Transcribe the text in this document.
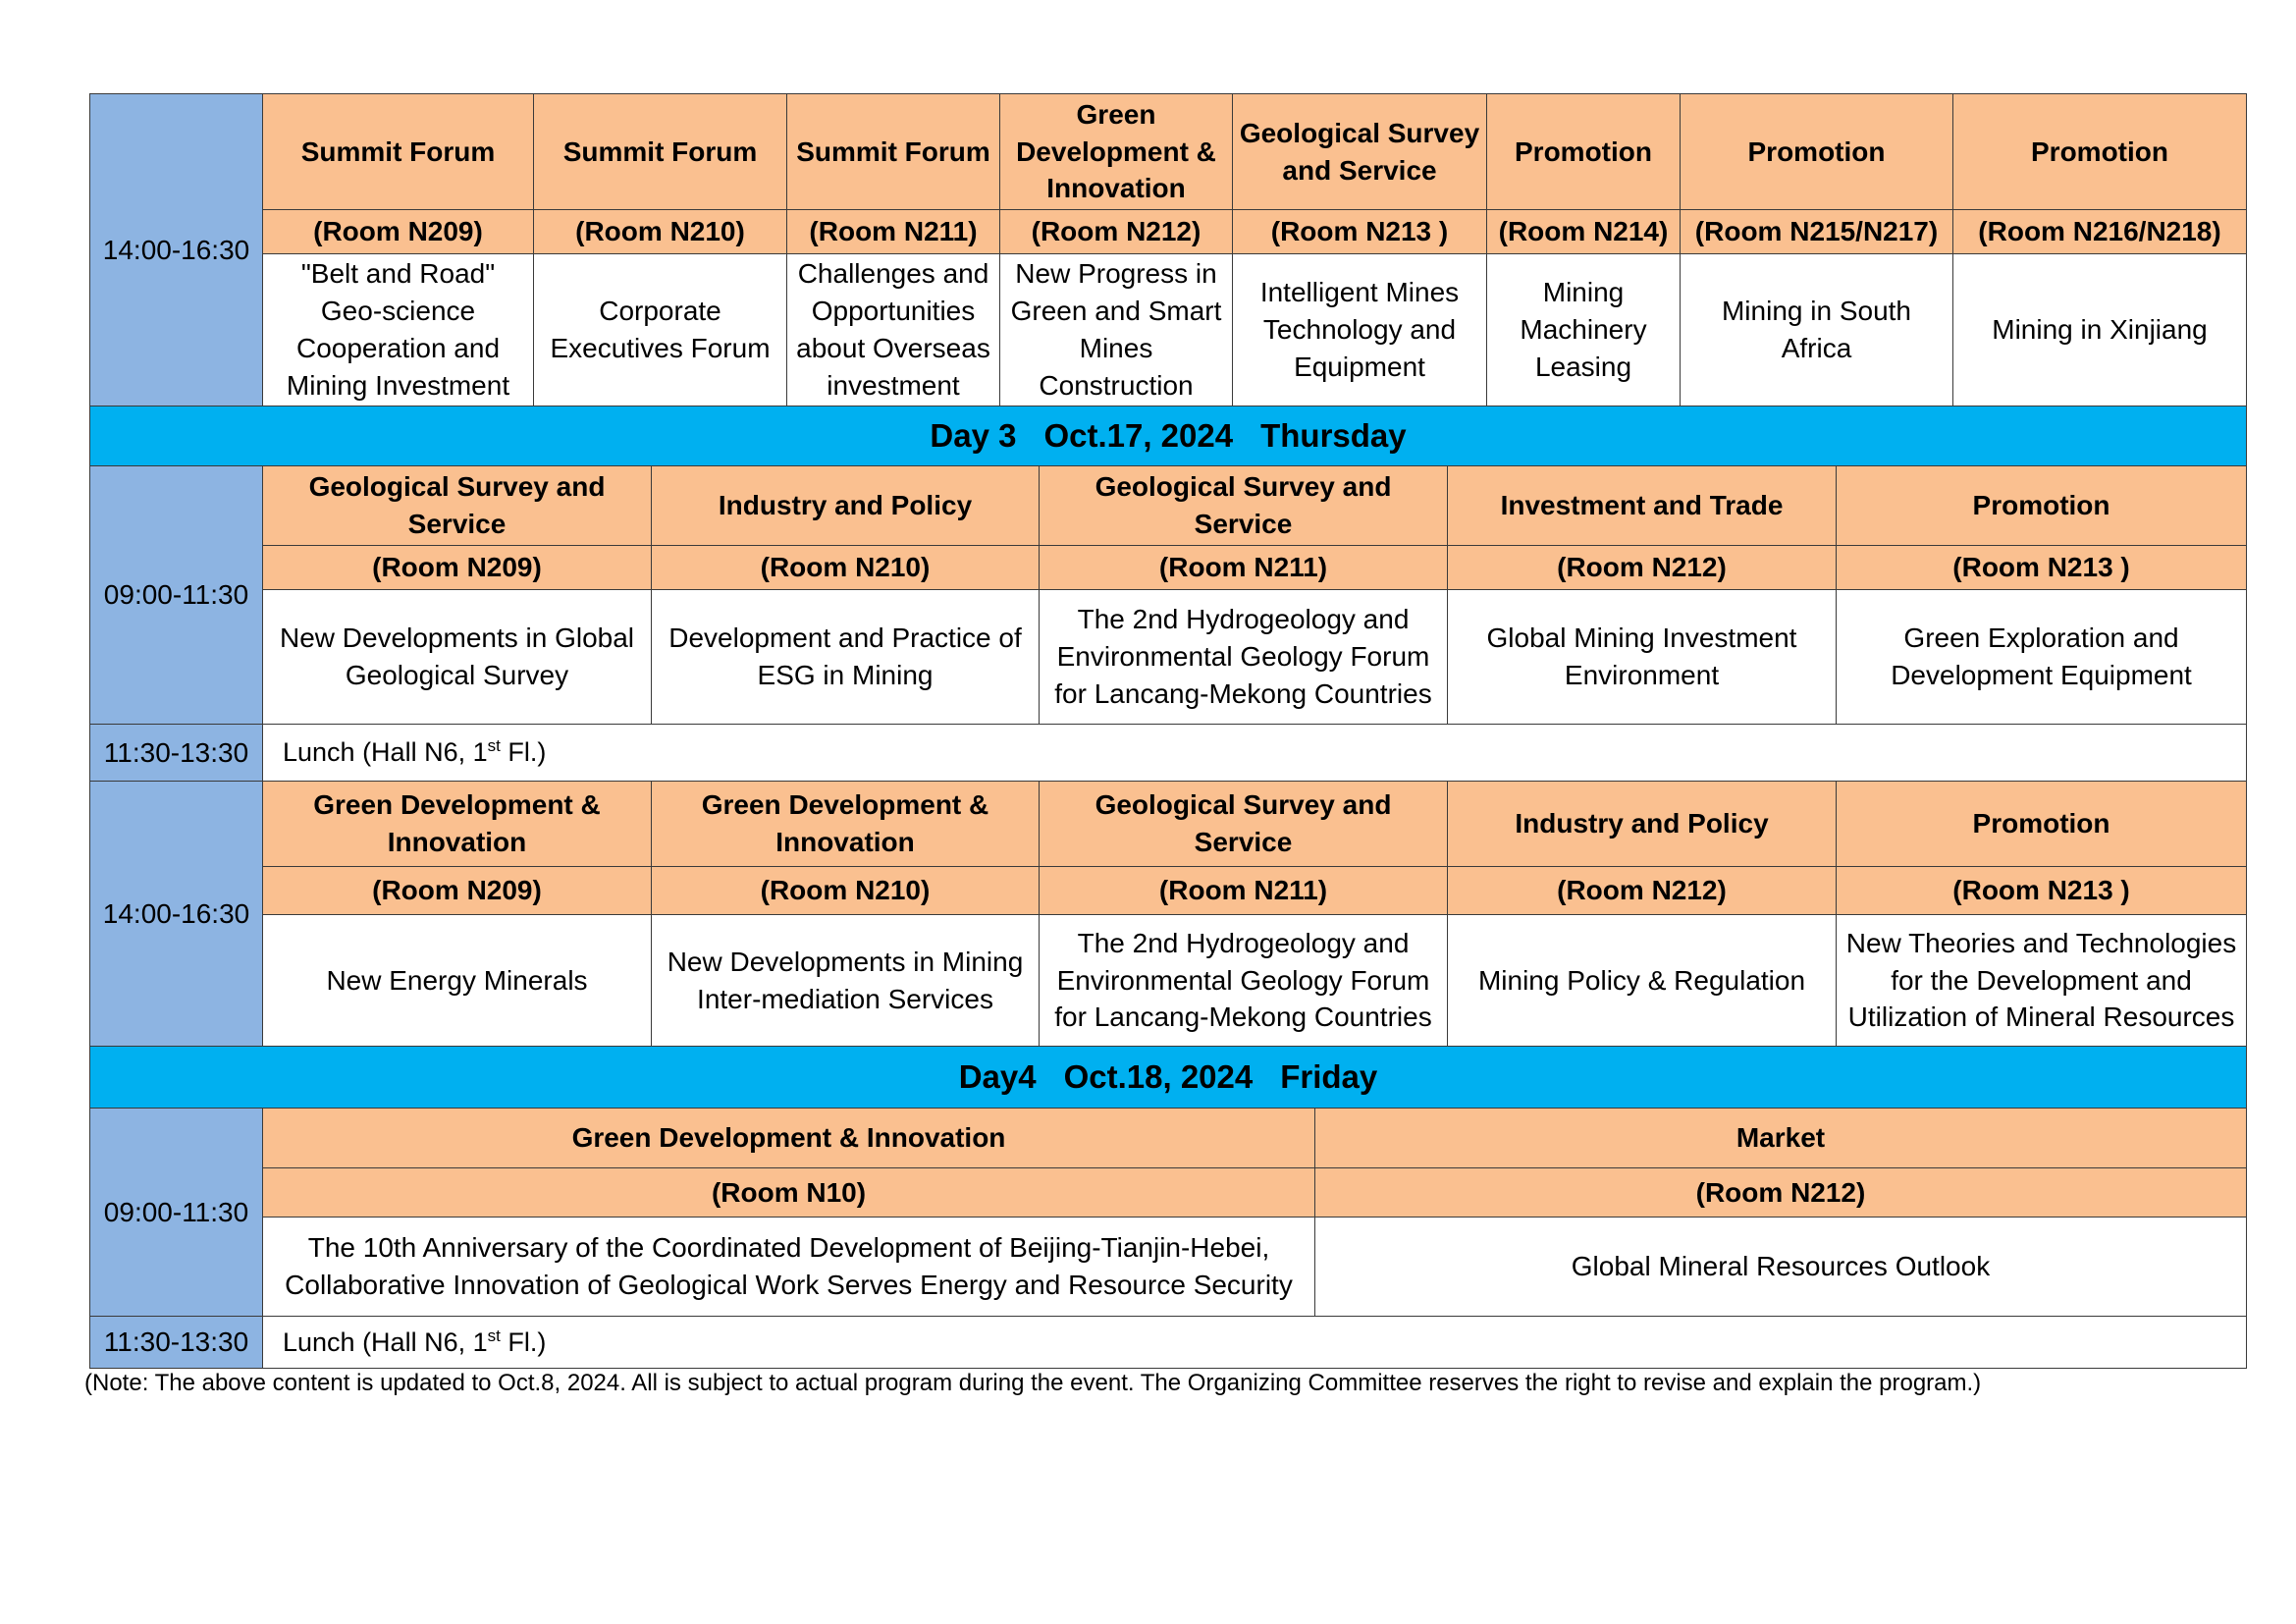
14:00-16:30	Summit Forum	Summit Forum	Summit Forum	Green Development & Innovation	Geological Survey and Service	Promotion	Promotion	Promotion
	(Room N209)	(Room N210)	(Room N211)	(Room N212)	(Room N213 )	(Room N214)	(Room N215/N217)	(Room N216/N218)
	"Belt and Road" Geo-science Cooperation and Mining Investment	Corporate Executives Forum	Challenges and Opportunities about Overseas investment	New Progress in Green and Smart Mines Construction	Intelligent Mines Technology and Equipment	Mining Machinery Leasing	Mining in South Africa	Mining in Xinjiang
Day 3 Oct.17, 2024 Thursday					
09:00-11:30	Geological Survey and Service	Industry and Policy	Geological Survey and Service	Investment and Trade	Promotion
	(Room N209)	(Room N210)	(Room N211)	(Room N212)	(Room N213 )
	New Developments in Global Geological Survey	Development and Practice of ESG in Mining	The 2nd Hydrogeology and Environmental Geology Forum for Lancang-Mekong Countries	Global Mining Investment Environment	Green Exploration and Development Equipment
11:30-13:30	Lunch (Hall N6, 1st Fl.)				
14:00-16:30	Green Development & Innovation	Green Development & Innovation	Geological Survey and Service	Industry and Policy	Promotion
	(Room N209)	(Room N210)	(Room N211)	(Room N212)	(Room N213 )
	New Energy Minerals	New Developments in Mining Inter-mediation Services	The 2nd Hydrogeology and Environmental Geology Forum for Lancang-Mekong Countries	Mining Policy & Regulation	New Theories and Technologies for the Development and Utilization of Mineral Resources
Day4 Oct.18, 2024 Friday		
09:00-11:30	Green Development & Innovation	Market
	(Room N10)	(Room N212)
	The 10th Anniversary of the Coordinated Development of Beijing-Tianjin-Hebei, Collaborative Innovation of Geological Work Serves Energy and Resource Security	Global Mineral Resources Outlook
11:30-13:30	Lunch (Hall N6, 1st Fl.)	
(Note: The above content is updated to Oct.8, 2024. All is subject to actual program during the event. The Organizing Committee reserves the right to revise and explain the program.)
